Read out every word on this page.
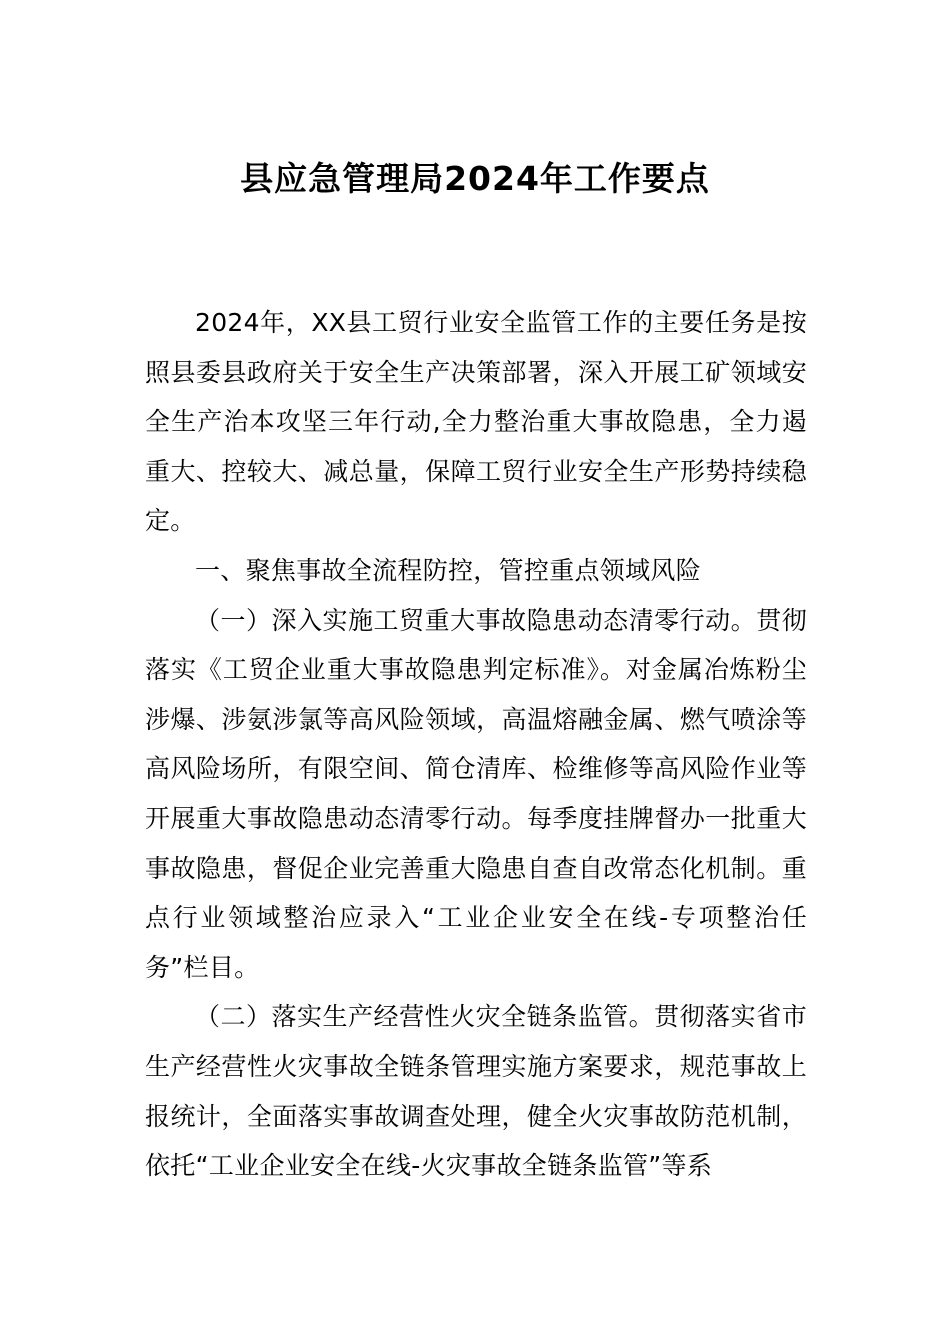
县应急管理局2024年工作要点

2024年，XX县工贸行业安全监管工作的主要任务是按照县委县政府关于安全生产决策部署，深入开展工矿领域安全生产治本攻坚三年行动,全力整治重大事故隐患，全力遏重大、控较大、减总量，保障工贸行业安全生产形势持续稳定。

一、聚焦事故全流程防控，管控重点领域风险

（一）深入实施工贸重大事故隐患动态清零行动。贯彻落实《工贸企业重大事故隐患判定标准》。对金属冶炼粉尘涉爆、涉氨涉氯等高风险领域，高温熔融金属、燃气喷涂等高风险场所，有限空间、简仓清库、检维修等高风险作业等开展重大事故隐患动态清零行动。每季度挂牌督办一批重大事故隐患，督促企业完善重大隐患自查自改常态化机制。重点行业领域整治应录入“工业企业安全在线-专项整治任务”栏目。

（二）落实生产经营性火灾全链条监管。贯彻落实省市生产经营性火灾事故全链条管理实施方案要求，规范事故上报统计，全面落实事故调查处理，健全火灾事故防范机制，依托“工业企业安全在线-火灾事故全链条监管”等系
